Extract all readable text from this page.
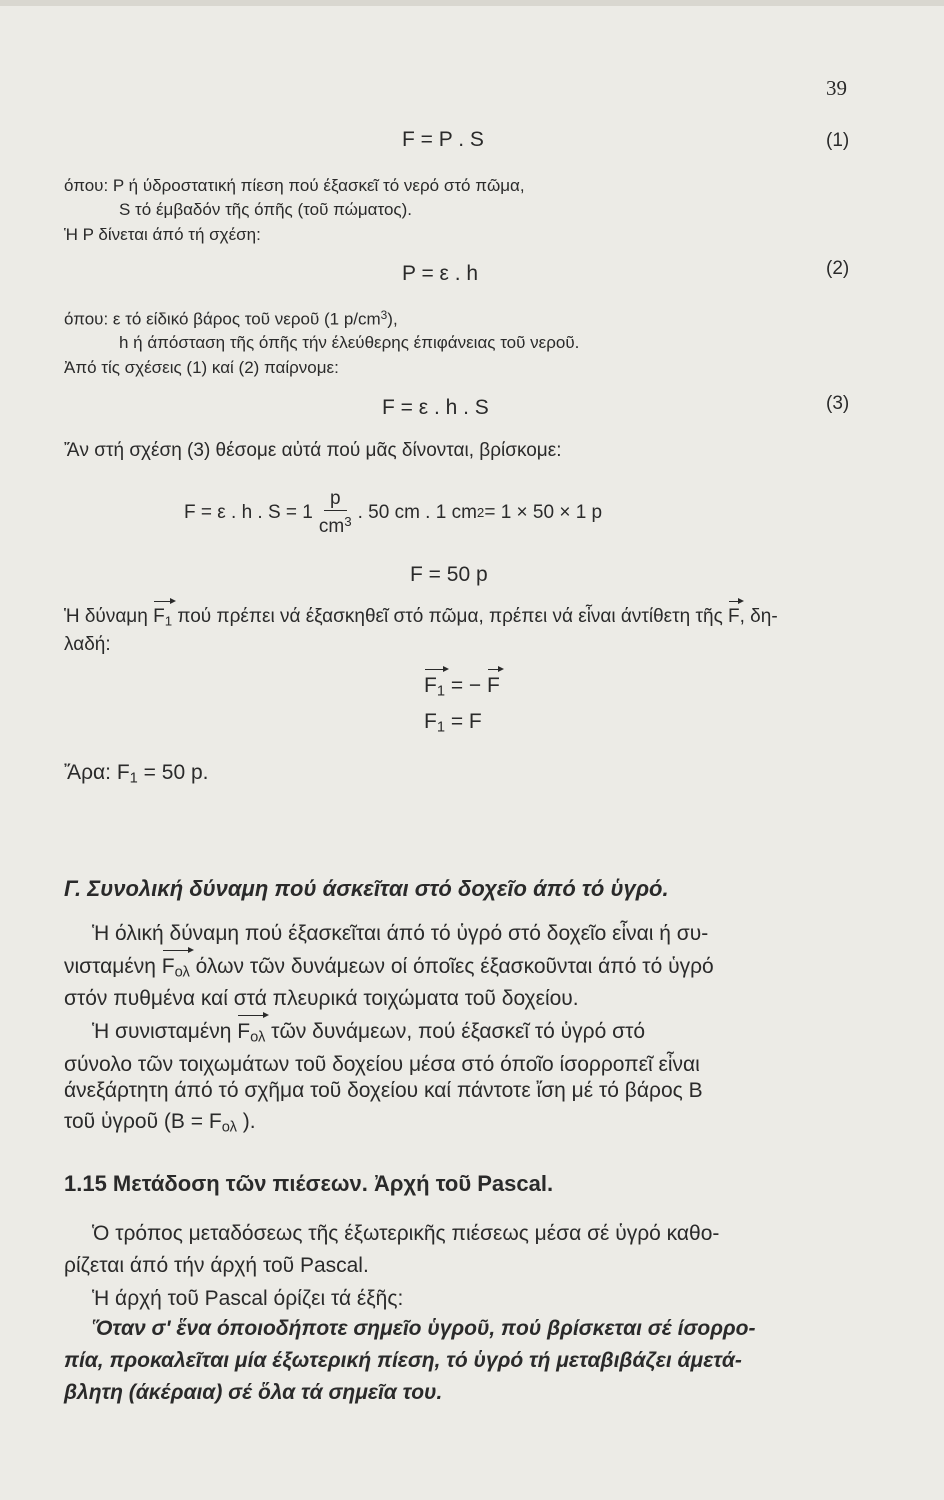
39
F = P . S	(1)
όπου: Ρ ή ύδροστατική πίεση πού έξασκεῖ τό νερό στό πῶμα,
S τό έμβαδόν τῆς όπῆς (τοῦ πώματος).
Ἡ Ρ δίνεται άπό τή σχέση:
P = ε . h	(2)
όπου: ε τό είδικό βάρος τοῦ νεροῦ (1 $p/cm^3$),
h ή άπόσταση τῆς όπῆς τήν έλεύθερης έπιφάνειας τοῦ νεροῦ.
Ἀπό τίς σχέσεις (1) καί (2) παίρνομε:
F = ε . h . S	(3)
Ἄν στή σχέση (3) θέσομε αὐτά πού μᾶς δίνονται, βρίσκομε:
F = ε . h . $S = 1 \frac{p}{cm^3}$ . 50 cm . 1 cm 2 = 1 × 50 × 1 p
F = 50 p
Ἡ δύναμη $F_1$ πού πρέπει νά έξασκηθεῖ στό πῶμα, πρέπει νά εἶναι άντίθετη τῆς F, δη-
λαδή:
$F_1$ = − F
$F_1 = F$
Ἄρα: $F_1 = 50$ p.
Γ. Συνολική δύναμη πού άσκεῖται στό δοχεῖο άπό τό ὑγρό.
Ἡ όλική δύναμη πού έξασκεῖται άπό τό ὑγρό στό δοχεῖο εἶναι ή συ-
νισταμένη $F_{o\lambda}$ όλων τῶν δυνάμεων οί όποῖες έξασκοῦνται άπό τό ὑγρό
στόν πυθμένα καί στά πλευρικά τοιχώματα τοῦ δοχείου.
Ἡ συνισταμένη $F_{o\lambda}$ τῶν δυνάμεων, πού έξασκεῖ τό ὑγρό στό
σύνολο τῶν τοιχωμάτων τοῦ δοχείου μέσα στό όποῖο ίσορροπεῖ εἶναι
άνεξάρτητη άπό τό σχῆμα τοῦ δοχείου καί πάντοτε ἴση μέ τό βάρος B
τοῦ ὑγροῦ ($B = F_{o\lambda}$ ).
1.15 Μετάδοση τῶν πιέσεων. Ἀρχή τοῦ Pascal.
Ὁ τρόπος μεταδόσεως τῆς έξωτερικῆς πιέσεως μέσα σέ ὑγρό καθο-
ρίζεται άπό τήν άρχή τοῦ Pascal.
Ἡ άρχή τοῦ Pascal όρίζει τά έξῆς:
Ὅταν σ' ἕνα όποιοδήποτε σημεῖο ὑγροῦ, πού βρίσκεται σέ ίσορρο-
πία, προκαλεῖται μία έξωτερική πίεση, τό ὑγρό τή μεταβιβάζει άμετά-
βλητη (άκέραια) σέ ὅλα τά σημεῖα του.
